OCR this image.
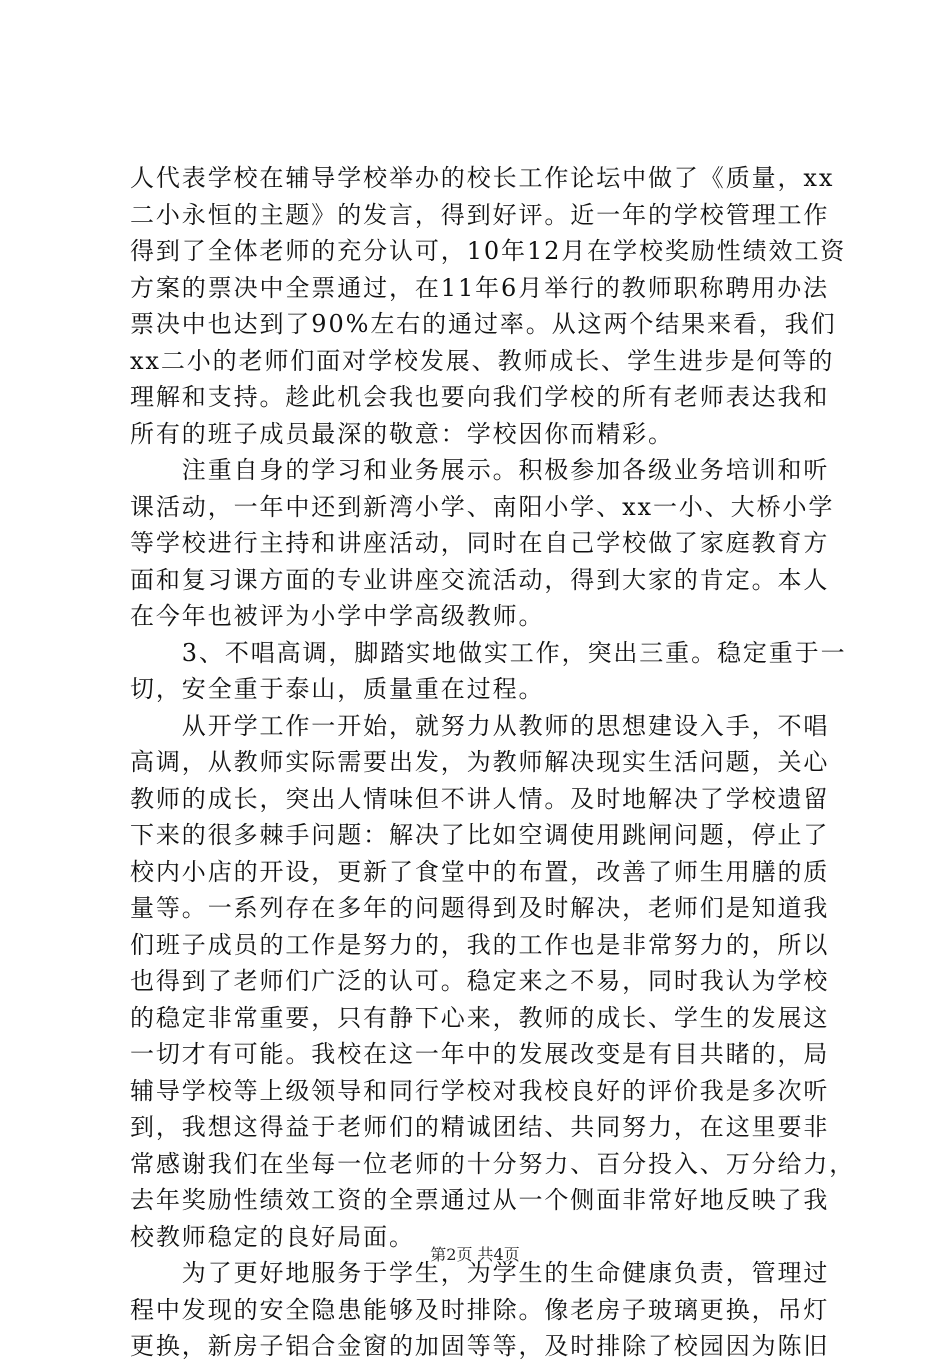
人代表学校在辅导学校举办的校长工作论坛中做了《质量，xx
二小永恒的主题》的发言，得到好评。近一年的学校管理工作
得到了全体老师的充分认可，10年12月在学校奖励性绩效工资
方案的票决中全票通过，在11年6月举行的教师职称聘用办法
票决中也达到了90%左右的通过率。从这两个结果来看，我们
xx二小的老师们面对学校发展、教师成长、学生进步是何等的
理解和支持。趁此机会我也要向我们学校的所有老师表达我和
所有的班子成员最深的敬意：学校因你而精彩。
　　注重自身的学习和业务展示。积极参加各级业务培训和听
课活动，一年中还到新湾小学、南阳小学、xx一小、大桥小学
等学校进行主持和讲座活动，同时在自己学校做了家庭教育方
面和复习课方面的专业讲座交流活动，得到大家的肯定。本人
在今年也被评为小学中学高级教师。
　　3、不唱高调，脚踏实地做实工作，突出三重。稳定重于一
切，安全重于泰山，质量重在过程。
　　从开学工作一开始，就努力从教师的思想建设入手，不唱
高调，从教师实际需要出发，为教师解决现实生活问题，关心
教师的成长，突出人情味但不讲人情。及时地解决了学校遗留
下来的很多棘手问题：解决了比如空调使用跳闸问题，停止了
校内小店的开设，更新了食堂中的布置，改善了师生用膳的质
量等。一系列存在多年的问题得到及时解决，老师们是知道我
们班子成员的工作是努力的，我的工作也是非常努力的，所以
也得到了老师们广泛的认可。稳定来之不易，同时我认为学校
的稳定非常重要，只有静下心来，教师的成长、学生的发展这
一切才有可能。我校在这一年中的发展改变是有目共睹的，局
辅导学校等上级领导和同行学校对我校良好的评价我是多次听
到，我想这得益于老师们的精诚团结、共同努力，在这里要非
常感谢我们在坐每一位老师的十分努力、百分投入、万分给力，
去年奖励性绩效工资的全票通过从一个侧面非常好地反映了我
校教师稳定的良好局面。
　　为了更好地服务于学生，为学生的生命健康负责，管理过
程中发现的安全隐患能够及时排除。像老房子玻璃更换，吊灯
更换，新房子铝合金窗的加固等等，及时排除了校园因为陈旧
第2页 共4页
